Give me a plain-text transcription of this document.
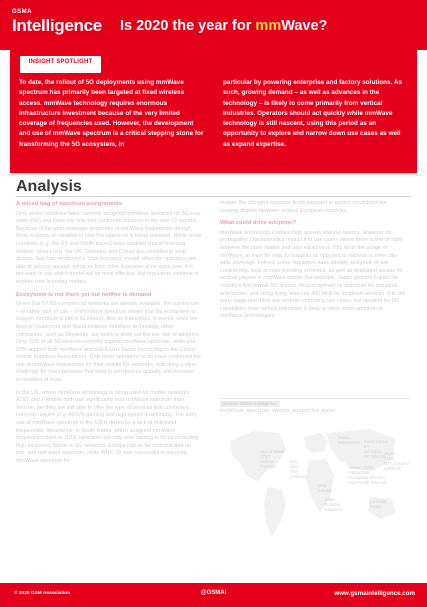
GSMA
Intelligence Is 2020 the year for mmWave?
INSIGHT SPOTLIGHT
To date, the rollout of 5G deployments using mmWave spectrum has primarily been targeted at fixed wireless access. mmWave technology requires enormous infrastructure investment because of the very limited coverage of frequencies used. However, the development and use of mmWave spectrum is a critical stepping stone for transforming the 5G ecosystem, in
particular by powering enterprise and factory solutions. As such, growing demand – as well as advances in the technology – is likely to come primarily from vertical industries. Operators should act quickly while mmWave technology is still nascent, using this period as an opportunity to explore and narrow down use cases as well as expand expertise.
Analysis
A mixed bag of spectrum assignments

Only seven countries have currently assigned mmWave spectrum for 5G new radio (NR) and there are only four confirmed auctions in the next 12 months. Because of the poor coverage properties of mmWave frequencies though, there is plenty of variation in how this spectrum is being released. While some countries (e.g. the US and South Korea) have adopted typical licensing models, others (e.g. the UK, Germany and China) are considering local access. Italy has employed a "club licensing" model, whereby operators are able to access unused spectrum from other licensees at no extra cost. It is too early to say which model will be most effective, but regulators continue to explore new licensing models.

Ecosystem is not there yet but neither is demand

Given that 57.5G-commercial networks are already available, the current use – or rather lack of use – of mmWave spectrum shows that the ecosystem to support mmWave is still in its infancy. And as it develops, it seems, while the likes of Qualcomm and Nokia endorse mmWave technology, other companies, such as Skyworks, are quick to point out the low rate of adoption. Only 33% of all 5G devices currently support mmWave spectrum, while just 27% support both mmWave and sub-6 GHz bands (according to the Global mobile Suppliers Association). Only three operators so far have confirmed the use of mmWave frequencies for their mobile 5G networks, indicating a clear challenge for manufacturers that want to sell devices globally and increase economies of scale.

In the US, where mmWave technology is being used for mobile networks, AT&T and T-Mobile both use significantly less mmWave spectrum than Verizon, yet they are still able to offer the type of services that customers currently require (e.g. AR/VR gaming and high-speed downloads). The early use of mmWave spectrum in the US is driven by a lack of mid-band frequencies. Meanwhile, in South Korea, which assigned mmWave frequencies back in 2018, operators are only now starting to focus on testing high-frequency bands in 5G networks. Europe has so far concentrated on low- and mid-band spectrum, while WRC-19 was successful in securing mmWave spectrum for

mobile, the stringent emission limits imposed to protect incumbent are causing dispute between several European countries.

What could drive adoption?

mmWave technology enables high speeds and low latency. However, its propagation characteristics restrict it to use cases where there is line of sight between the base station and user equipment. This limits the usage of mmWave, at least for now, to hotspots as opposed to national or even city-wide coverage. Indeed, some regulators have already assigned, or are considering, local access licensing schemes, as well as dedicated access for vertical players in mmWave bands. For example, Japan granted Fujitsu the country's first private 5G licence, Russia opened up spectrum for industrial enterprises, and Hong Kong reserved 400 MHz for localised services. It is still early stage and there are several competing use cases, but demand for 5G capabilities from vertical industries is likely to drive wider adoption of mmWave technologies.

Source: GSMA Intelligence
mmWave spectrum awards around the world
United States
AT&T
Verizon
T-Mobile
Italy
Iliad
TIM
Vodafone
Russia
Rostelecom South Korea
KT
LG Uplus
SK Telecom
Japan
KDDI
NTT Docomo
SoftBank
Taiwan Mobile
FarEasTone
Chunghwa Telecom
Asia Pacific Telecom
UAE
Etisalat
Qatar
Ooredoo
Vodafone
Australia
Optus
© 2020 GSM Association	@GSMAi	www.gsmaintelligence.com
